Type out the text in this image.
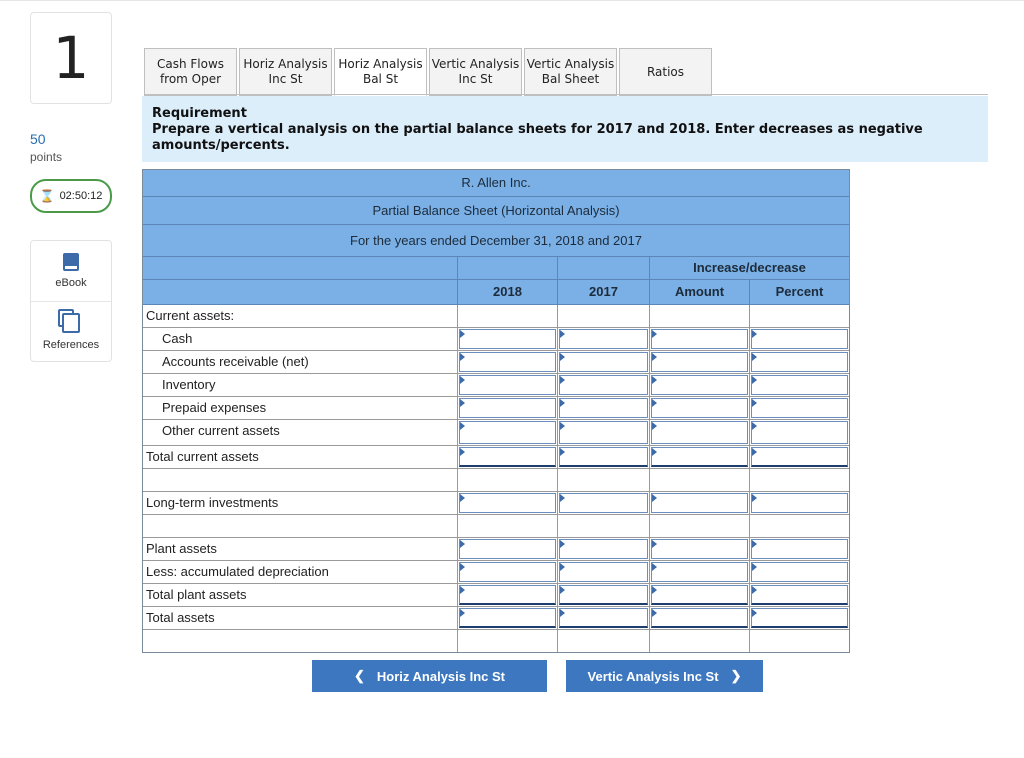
1
50
points
⌛ 02:50:12
eBook
References
Cash Flows
from Oper
Horiz Analysis
Inc St
Horiz Analysis
Bal St
Vertic Analysis
Inc St
Vertic Analysis
Bal Sheet
Ratios
Requirement
Prepare a vertical analysis on the partial balance sheets for 2017 and 2018. Enter decreases as negative amounts/percents.
R. Allen Inc.
Partial Balance Sheet (Horizontal Analysis)
For the years ended December 31, 2018 and 2017
Increase/decrease
2018	2017	Amount	Percent
Current assets:
Cash
Accounts receivable (net)
Inventory
Prepaid expenses
Other current assets
Total current assets
Long-term investments
Plant assets
Less: accumulated depreciation
Total plant assets
Total assets
❮ Horiz Analysis Inc St	Vertic Analysis Inc St ❯
